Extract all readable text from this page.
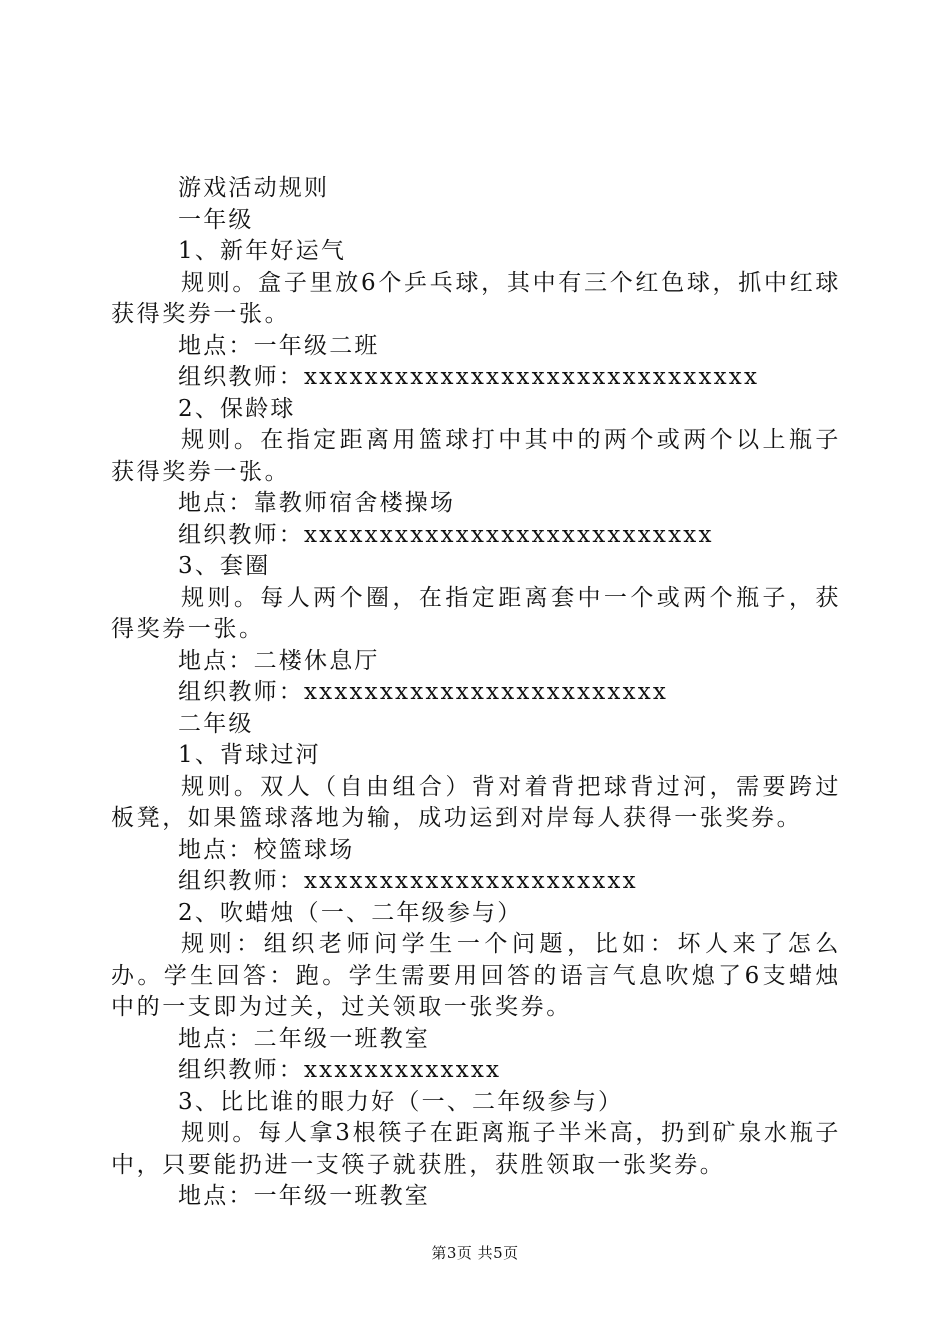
游戏活动规则
一年级
1、新年好运气
规则。盒子里放6个乒乓球，其中有三个红色球，抓中红球获得奖券一张。
地点：一年级二班
组织教师：xxxxxxxxxxxxxxxxxxxxxxxxxxxxxx
2、保龄球
规则。在指定距离用篮球打中其中的两个或两个以上瓶子获得奖券一张。
地点：靠教师宿舍楼操场
组织教师：xxxxxxxxxxxxxxxxxxxxxxxxxxx
3、套圈
规则。每人两个圈，在指定距离套中一个或两个瓶子，获得奖券一张。
地点：二楼休息厅
组织教师：xxxxxxxxxxxxxxxxxxxxxxxx
二年级
1、背球过河
规则。双人（自由组合）背对着背把球背过河，需要跨过板凳，如果篮球落地为输，成功运到对岸每人获得一张奖券。
地点：校篮球场
组织教师：xxxxxxxxxxxxxxxxxxxxxx
2、吹蜡烛（一、二年级参与）
规则：组织老师问学生一个问题，比如：坏人来了怎么办。学生回答：跑。学生需要用回答的语言气息吹熄了6支蜡烛中的一支即为过关，过关领取一张奖券。
地点：二年级一班教室
组织教师：xxxxxxxxxxxxx
3、比比谁的眼力好（一、二年级参与）
规则。每人拿3根筷子在距离瓶子半米高，扔到矿泉水瓶子中，只要能扔进一支筷子就获胜，获胜领取一张奖券。
地点：一年级一班教室
第3页 共5页
